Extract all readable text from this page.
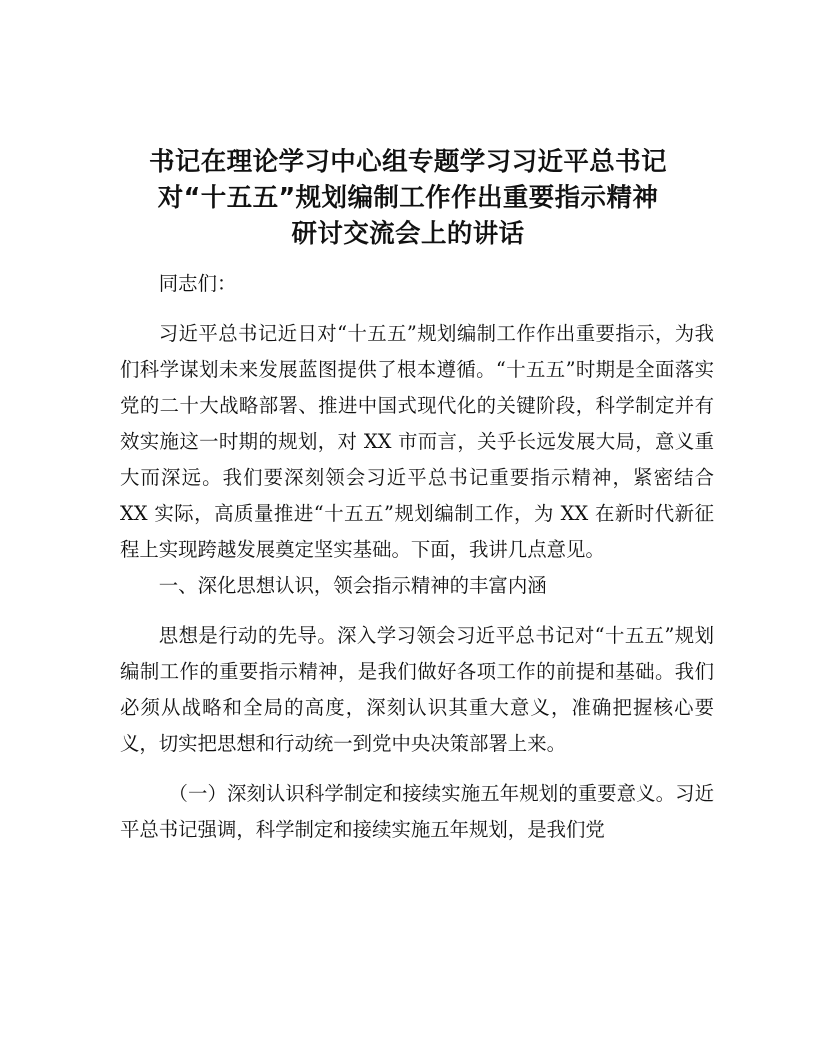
书记在理论学习中心组专题学习习近平总书记
对“十五五”规划编制工作作出重要指示精神
研讨交流会上的讲话

同志们：

习近平总书记近日对“十五五”规划编制工作作出重要指示，为我们科学谋划未来发展蓝图提供了根本遵循。“十五五”时期是全面落实党的二十大战略部署、推进中国式现代化的关键阶段，科学制定并有效实施这一时期的规划，对 XX 市而言，关乎长远发展大局，意义重大而深远。我们要深刻领会习近平总书记重要指示精神，紧密结合 XX 实际，高质量推进“十五五”规划编制工作，为 XX 在新时代新征程上实现跨越发展奠定坚实基础。下面，我讲几点意见。

一、深化思想认识，领会指示精神的丰富内涵

思想是行动的先导。深入学习领会习近平总书记对“十五五”规划编制工作的重要指示精神，是我们做好各项工作的前提和基础。我们必须从战略和全局的高度，深刻认识其重大意义，准确把握核心要义，切实把思想和行动统一到党中央决策部署上来。

（一）深刻认识科学制定和接续实施五年规划的重要意义。习近平总书记强调，科学制定和接续实施五年规划，是我们党
